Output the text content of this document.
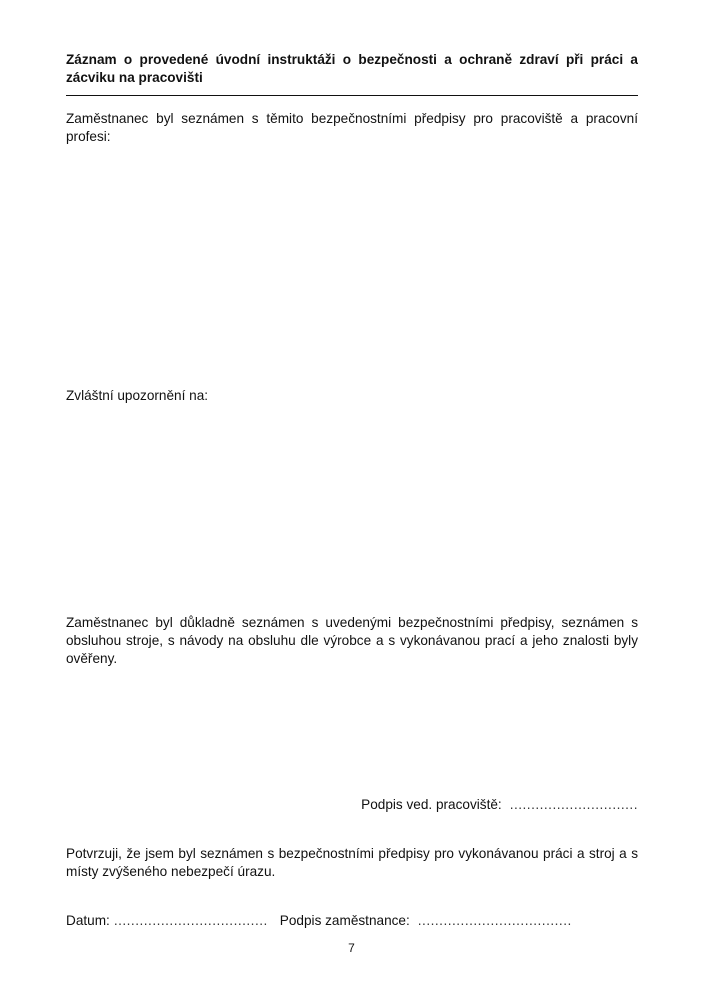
Záznam o provedené úvodní instruktáži o bezpečnosti a ochraně zdraví při práci a zácviku na pracovišti
Zaměstnanec byl seznámen s těmito bezpečnostními předpisy pro pracoviště a pracovní profesi:
Zvláštní upozornění na:
Zaměstnanec byl důkladně seznámen s uvedenými bezpečnostními předpisy, seznámen s obsluhou stroje, s návody na obsluhu dle výrobce a s vykonávanou prací a jeho znalosti byly ověřeny.
Podpis ved. pracoviště: ..............................
Potvrzuji, že jsem byl seznámen s bezpečnostními předpisy pro vykonávanou práci a stroj a s místy zvýšeného nebezpečí úrazu.
Datum: .................................... Podpis zaměstnance: ....................................
7
